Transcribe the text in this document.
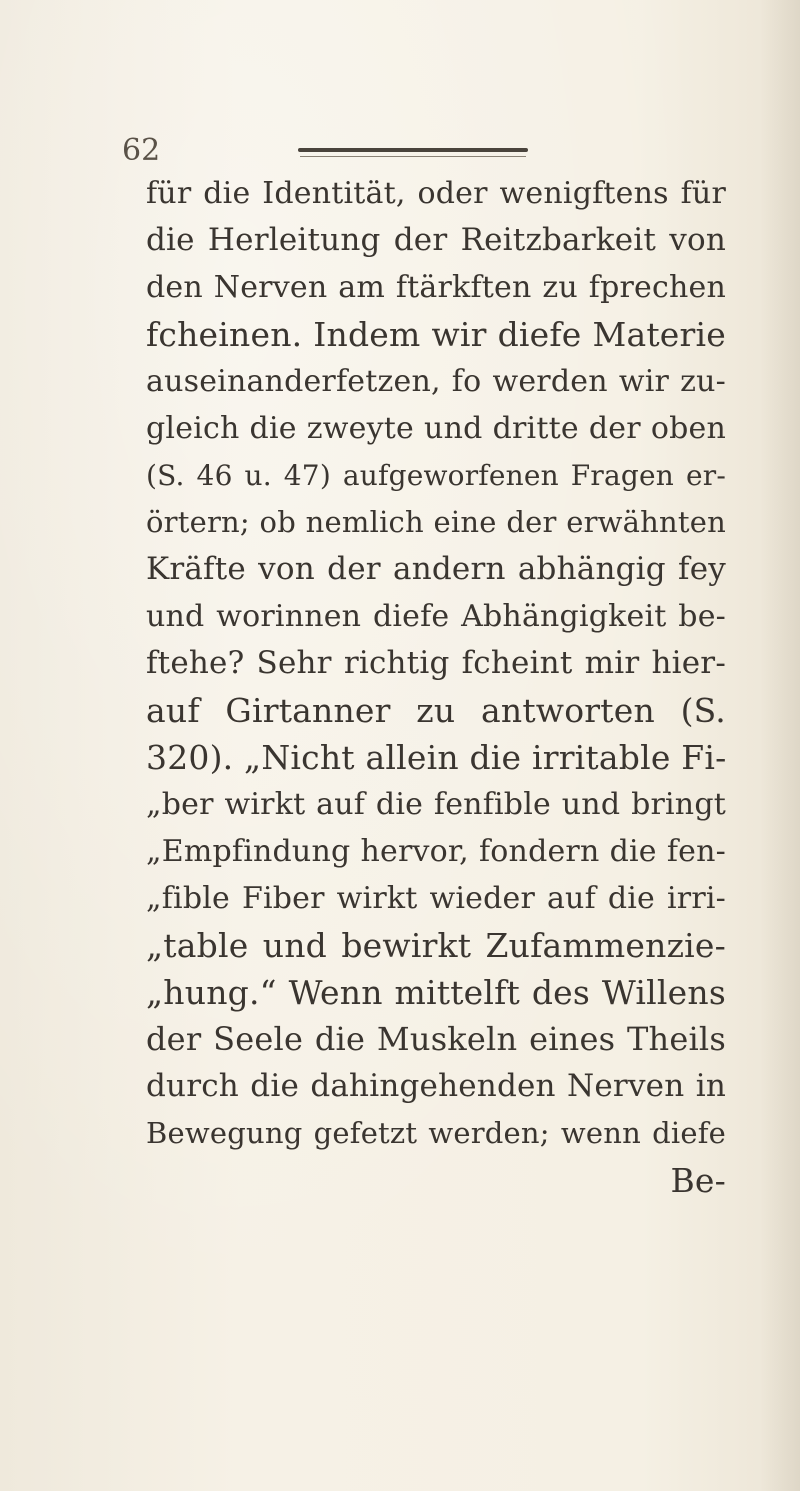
62
für die Identität, oder wenigftens für
die Herleitung der Reitzbarkeit von
den Nerven am ftärkften zu fprechen
fcheinen. Indem wir diefe Materie
auseinanderfetzen, fo werden wir zu-
gleich die zweyte und dritte der oben
(S. 46 u. 47) aufgeworfenen Fragen er-
örtern; ob nemlich eine der erwähnten
Kräfte von der andern abhängig fey
und worinnen diefe Abhängigkeit be-
ftehe? Sehr richtig fcheint mir hier-
auf Girtanner zu antworten (S.
320). „Nicht allein die irritable Fi-
„ber wirkt auf die fenfible und bringt
„Empfindung hervor, fondern die fen-
„fible Fiber wirkt wieder auf die irri-
„table und bewirkt Zufammenzie-
„hung.“ Wenn mittelft des Willens
der Seele die Muskeln eines Theils
durch die dahingehenden Nerven in
Bewegung gefetzt werden; wenn diefe
Be-
